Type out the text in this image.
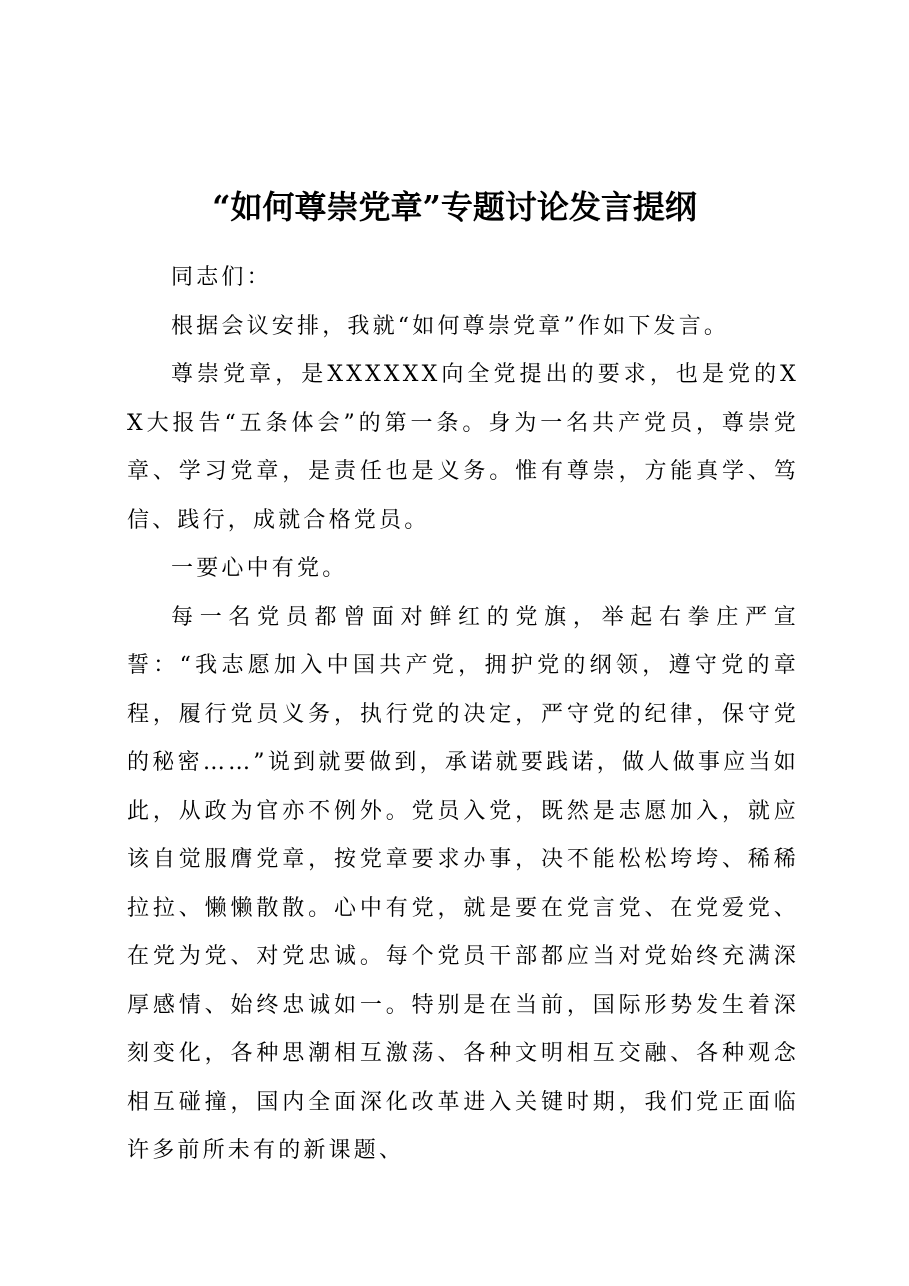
“如何尊崇党章”专题讨论发言提纲

同志们：

根据会议安排，我就“如何尊崇党章”作如下发言。

尊崇党章，是XXXXXX向全党提出的要求，也是党的XX大报告“五条体会”的第一条。身为一名共产党员，尊崇党章、学习党章，是责任也是义务。惟有尊崇，方能真学、笃信、践行，成就合格党员。

一要心中有党。

每一名党员都曾面对鲜红的党旗，举起右拳庄严宣誓：“我志愿加入中国共产党，拥护党的纲领，遵守党的章程，履行党员义务，执行党的决定，严守党的纪律，保守党的秘密……”说到就要做到，承诺就要践诺，做人做事应当如此，从政为官亦不例外。党员入党，既然是志愿加入，就应该自觉服膺党章，按党章要求办事，决不能松松垮垮、稀稀拉拉、懒懒散散。心中有党，就是要在党言党、在党爱党、在党为党、对党忠诚。每个党员干部都应当对党始终充满深厚感情、始终忠诚如一。特别是在当前，国际形势发生着深刻变化，各种思潮相互激荡、各种文明相互交融、各种观念相互碰撞，国内全面深化改革进入关键时期，我们党正面临许多前所未有的新课题、
